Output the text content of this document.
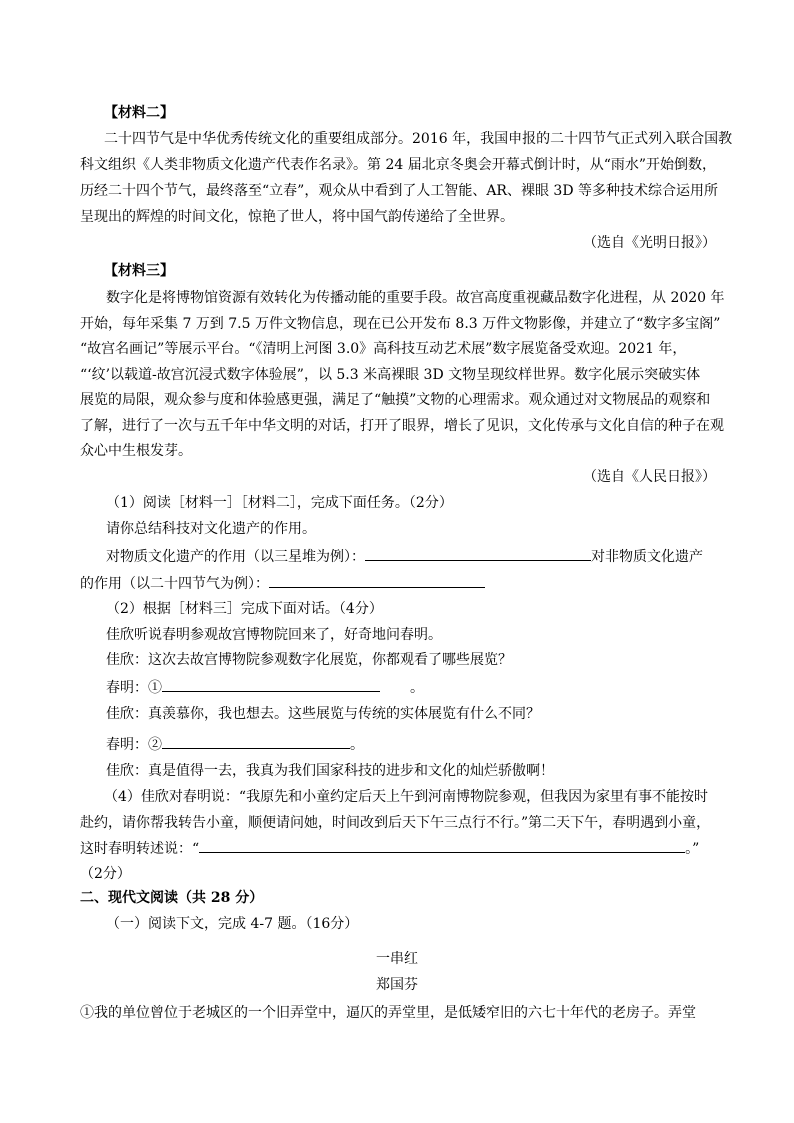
【材料二】
二十四节气是中华优秀传统文化的重要组成部分。2016 年，我国申报的二十四节气正式列入联合国教
科文组织《人类非物质文化遗产代表作名录》。第 24 届北京冬奥会开幕式倒计时，从“雨水”开始倒数，
历经二十四个节气，最终落至“立春”，观众从中看到了人工智能、AR、裸眼 3D 等多种技术综合运用所
呈现出的辉煌的时间文化，惊艳了世人，将中国气韵传递给了全世界。
（选自《光明日报》）
【材料三】
数字化是将博物馆资源有效转化为传播动能的重要手段。故宫高度重视藏品数字化进程，从 2020 年
开始，每年采集 7 万到 7.5 万件文物信息，现在已公开发布 8.3 万件文物影像，并建立了“数字多宝阁”
“故宫名画记”等展示平台。“《清明上河图 3.0》高科技互动艺术展”数字展览备受欢迎。2021 年，
“‘纹’以载道-故宫沉浸式数字体验展”，以 5.3 米高裸眼 3D 文物呈现纹样世界。数字化展示突破实体
展览的局限，观众参与度和体验感更强，满足了“触摸”文物的心理需求。观众通过对文物展品的观察和
了解，进行了一次与五千年中华文明的对话，打开了眼界，增长了见识，文化传承与文化自信的种子在观
众心中生根发芽。
（选自《人民日报》）
（1）阅读［材料一］［材料二］，完成下面任务。（2分）
请你总结科技对文化遗产的作用。
对物质文化遗产的作用（以三星堆为例）：	对非物质文化遗产
的作用（以二十四节气为例）：
（2）根据［材料三］完成下面对话。（4分）
佳欣听说春明参观故宫博物院回来了，好奇地问春明。
佳欣：这次去故宫博物院参观数字化展览，你都观看了哪些展览？
春明：①	。
佳欣：真羡慕你，我也想去。这些展览与传统的实体展览有什么不同？
春明：②	。
佳欣：真是值得一去，我真为我们国家科技的进步和文化的灿烂骄傲啊！
（4）佳欣对春明说：“我原先和小童约定后天上午到河南博物院参观，但我因为家里有事不能按时
赴约，请你帮我转告小童，顺便请问她，时间改到后天下午三点行不行。”第二天下午，春明遇到小童，
这时春明转述说：“	。”
（2分）
二、现代文阅读（共 28 分）
（一）阅读下文，完成 4-7 题。（16分）
一串红
郑国芬
①我的单位曾位于老城区的一个旧弄堂中，逼仄的弄堂里，是低矮窄旧的六七十年代的老房子。弄堂
